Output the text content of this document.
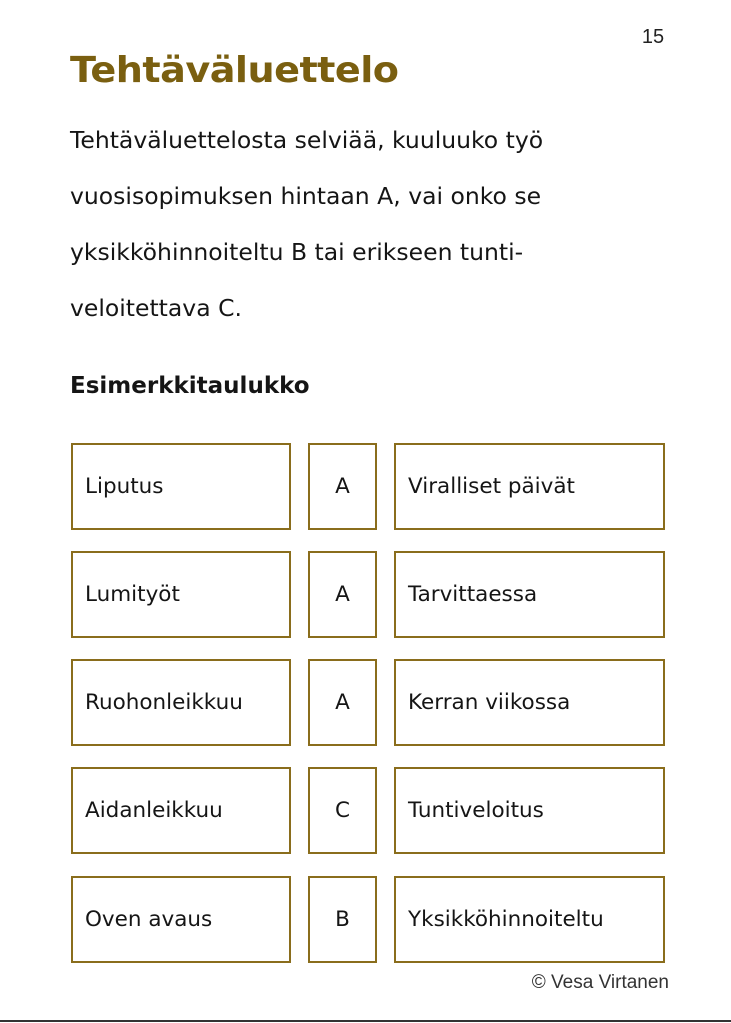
15
Tehtäväluettelo

Tehtäväluettelosta selviää, kuuluuko työ
vuosisopimuksen hintaan A, vai onko se
yksikköhinnoiteltu B tai erikseen tunti-
veloitettava C.

Esimerkkitaulukko
Liputus	A	Viralliset päivät
Lumityöt	A	Tarvittaessa
Ruohonleikkuu	A	Kerran viikossa
Aidanleikkuu	C	Tuntiveloitus
Oven avaus	B	Yksikköhinnoiteltu
© Vesa Virtanen
